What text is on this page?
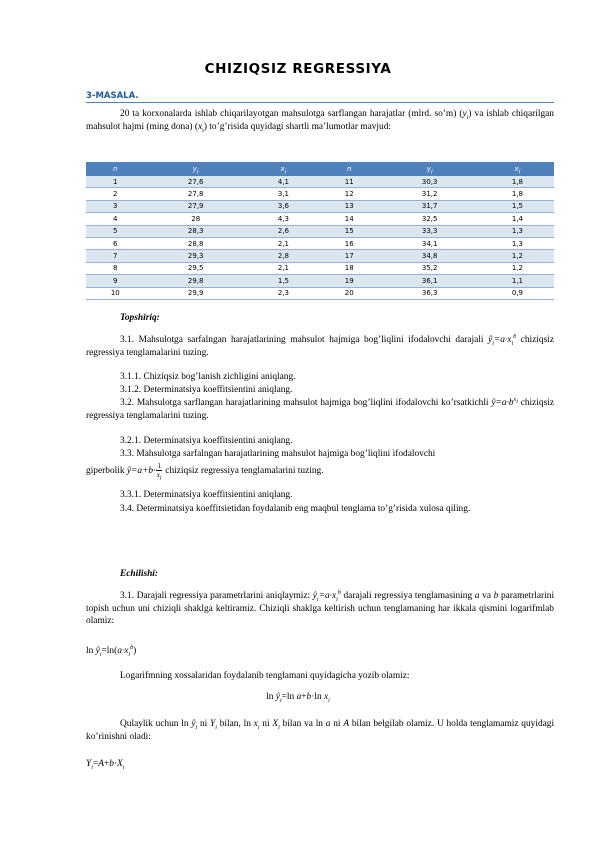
CHIZIQSIZ REGRESSIYA
3-MASALA.
20 ta korxonalarda ishlab chiqarilayotgan mahsulotga sarflangan harajatlar (mlrd. so’m) $(y_i)$ va ishlab chiqarilgan mahsulot hajmi (ming dona) $(x_i)$ to’g’risida quyidagi shartli ma’lumotlar mavjud:
n	$y_i$	$x_i$	n	$y_i$	$x_i$
1	27,6	4,1	11	30,3	1,8
2	27,8	3,1	12	31,2	1,8
3	27,9	3,6	13	31,7	1,5
4	28	4,3	14	32,5	1,4
5	28,3	2,6	15	33,3	1,3
6	28,8	2,1	16	34,1	1,3
7	29,3	2,8	17	34,8	1,2
8	29,5	2,1	18	35,2	1,2
9	29,8	1,5	19	36,1	1,1
10	29,9	2,3	20	36,3	0,9
Topshiriq:
3.1. Mahsulotga sarfalngan harajatlarining mahsulot hajmiga bog’liqlini ifodalovchi darajali $ŷ_i=a\cdot x_i^b$ chiziqsiz regressiya tenglamalarini tuzing.
3.1.1. Chiziqsiz bog’lanish zichligini aniqlang.
3.1.2. Determinatsiya koeffitsientini aniqlang.
3.2. Mahsulotga sarflangan harajatlarining mahsulot hajmiga bog’liqlini ifodalovchi ko’rsatkichli $ŷ=a\cdot b^{x_i}$ chiziqsiz regressiya tenglamalarini tuzing.
3.2.1. Determinatsiya koeffitsientini aniqlang.
3.3. Mahsulotga sarfalngan harajatlarining mahsulot hajmiga bog’liqlini ifodalovchi
giperbolik ŷ=a+b· $\frac{1}{x_i}$ chiziqsiz regressiya tenglamalarini tuzing.
3.3.1. Determinatsiya koeffitsientini aniqlang.
3.4. Determinatsiya koeffitsietidan foydalanib eng maqbul tenglama to’g’risida xulosa qiling.
Echilishi:
3.1. Darajali regressiya parametrlarini aniqlaymiz: $ŷ_i=a\cdot x_i^b$ darajali regressiya tenglamasining a va b parametrlarini topish uchun uni chiziqli shaklga keltiramiz. Chiziqli shaklga keltirish uchun tenglamaning har ikkala qismini logarifmlab olamiz:
$\ln ŷ_i=\ln(a\cdot x_i^b)$
Logarifmning xossalaridan foydalanib tenglamani quyidagicha yozib olamiz:
$\ln ŷ_i=\ln$ a+b·ln $x_i$
Qulaylik uchun $\ln ŷ_i$ ni $Y_i$ bilan, $\ln x_i$ ni $X_i$ bilan va ln a ni A bilan belgilab olamiz. U holda tenglamamiz quyidagi ko’rinishni oladi:
$Y_i=A+b\cdot X_i$
